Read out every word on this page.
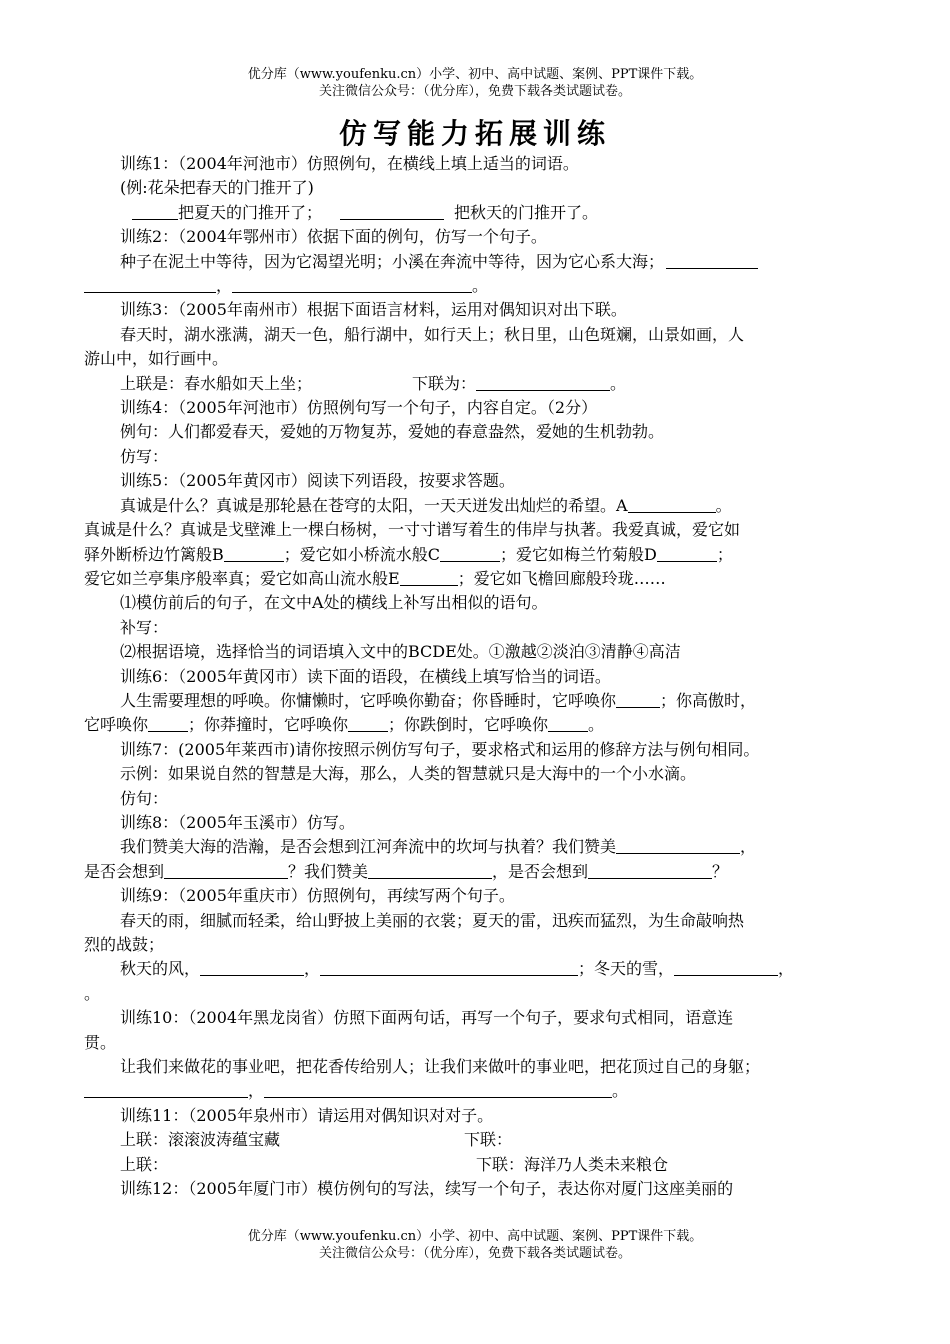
优分库（www.youfenku.cn）小学、初中、高中试题、案例、PPT课件下载。
关注微信公众号：（优分库），免费下载各类试题试卷。
仿写能力拓展训练
训练1：（2004年河池市）仿照例句，在横线上填上适当的词语。
(例:花朵把春天的门推开了)
把夏天的门推开了；	把秋天的门推开了。
训练2：（2004年鄂州市）依据下面的例句，仿写一个句子。
种子在泥土中等待，因为它渴望光明；小溪在奔流中等待，因为它心系大海；
，	。
训练3：（2005年南州市）根据下面语言材料，运用对偶知识对出下联。
春天时，湖水涨满，湖天一色，船行湖中，如行天上；秋日里，山色斑斓，山景如画，人
游山中，如行画中。
上联是：春水船如天上坐；	下联为：	。
训练4：（2005年河池市）仿照例句写一个句子，内容自定。（2分）
例句：人们都爱春天，爱她的万物复苏，爱她的春意盎然，爱她的生机勃勃。
仿写：
训练5：（2005年黄冈市）阅读下列语段，按要求答题。
真诚是什么？真诚是那轮悬在苍穹的太阳，一天天迸发出灿烂的希望。A	。
真诚是什么？真诚是戈壁滩上一棵白杨树，一寸寸谱写着生的伟岸与执著。我爱真诚，爱它如
驿外断桥边竹篱般B	；爱它如小桥流水般C	；爱它如梅兰竹菊般D	；
爱它如兰亭集序般率真；爱它如高山流水般E	；爱它如飞檐回廊般玲珑……
⑴模仿前后的句子，在文中A处的横线上补写出相似的语句。
补写：
⑵根据语境，选择恰当的词语填入文中的BCDE处。①激越②淡泊③清静④高洁
训练6：（2005年黄冈市）读下面的语段，在横线上填写恰当的词语。
人生需要理想的呼唤。你慵懒时，它呼唤你勤奋；你昏睡时，它呼唤你	；你高傲时，
它呼唤你	；你莽撞时，它呼唤你	；你跌倒时，它呼唤你	。
训练7：(2005年莱西市)请你按照示例仿写句子，要求格式和运用的修辞方法与例句相同。
示例：如果说自然的智慧是大海，那么，人类的智慧就只是大海中的一个小水滴。
仿句：
训练8：（2005年玉溪市）仿写。
我们赞美大海的浩瀚，是否会想到江河奔流中的坎坷与执着？我们赞美	，
是否会想到	？我们赞美	，是否会想到	？
训练9：（2005年重庆市）仿照例句，再续写两个句子。
春天的雨，细腻而轻柔，给山野披上美丽的衣裳；夏天的雷，迅疾而猛烈，为生命敲响热
烈的战鼓；
秋天的风，	，	；冬天的雪，	，
。
训练10：（2004年黑龙岗省）仿照下面两句话，再写一个句子，要求句式相同，语意连
贯。
让我们来做花的事业吧，把花香传给别人；让我们来做叶的事业吧，把花顶过自己的身躯；
，	。
训练11：（2005年泉州市）请运用对偶知识对对子。
上联：滚滚波涛蕴宝藏	下联：
上联：	下联：海洋乃人类未来粮仓
训练12：（2005年厦门市）模仿例句的写法，续写一个句子，表达你对厦门这座美丽的
优分库（www.youfenku.cn）小学、初中、高中试题、案例、PPT课件下载。
关注微信公众号：（优分库），免费下载各类试题试卷。
